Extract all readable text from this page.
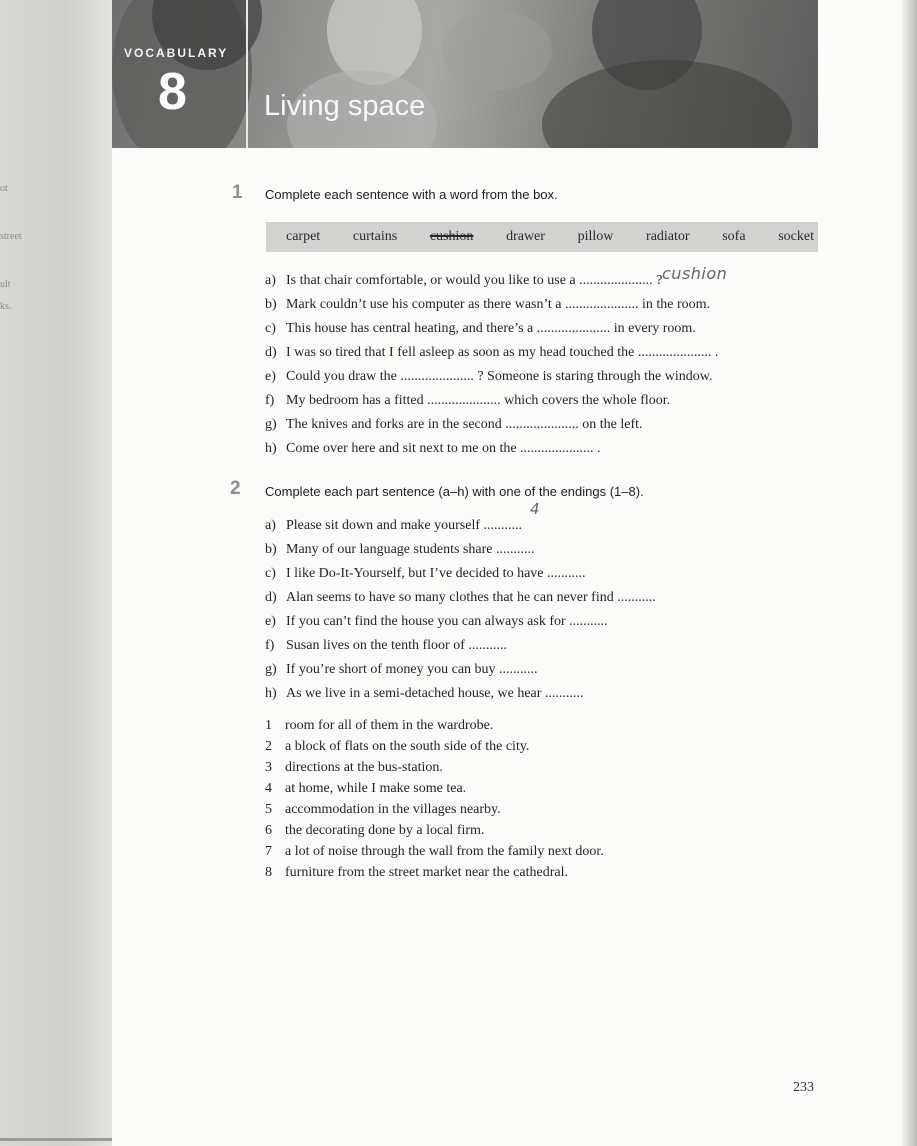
ot
street
ult
ks.
VOCABULARY
8	Living space
1 Complete each sentence with a word from the box.
carpet curtains cushion drawer pillow radiator sofa socket
a) Is that chair comfortable, or would you like to use a ..................... ?
b) Mark couldn’t use his computer as there wasn’t a ..................... in the room.
c) This house has central heating, and there’s a ..................... in every room.
d) I was so tired that I fell asleep as soon as my head touched the ..................... .
e) Could you draw the ..................... ? Someone is staring through the window.
f) My bedroom has a fitted ..................... which covers the whole floor.
g) The knives and forks are in the second ..................... on the left.
h) Come over here and sit next to me on the ..................... .
cushion
2 Complete each part sentence (a–h) with one of the endings (1–8).
a) Please sit down and make yourself ...........
b) Many of our language students share ...........
c) I like Do-It-Yourself, but I’ve decided to have ...........
d) Alan seems to have so many clothes that he can never find ...........
e) If you can’t find the house you can always ask for ...........
f) Susan lives on the tenth floor of ...........
g) If you’re short of money you can buy ...........
h) As we live in a semi-detached house, we hear ...........
4
1 room for all of them in the wardrobe.
2 a block of flats on the south side of the city.
3 directions at the bus-station.
4 at home, while I make some tea.
5 accommodation in the villages nearby.
6 the decorating done by a local firm.
7 a lot of noise through the wall from the family next door.
8 furniture from the street market near the cathedral.
233
